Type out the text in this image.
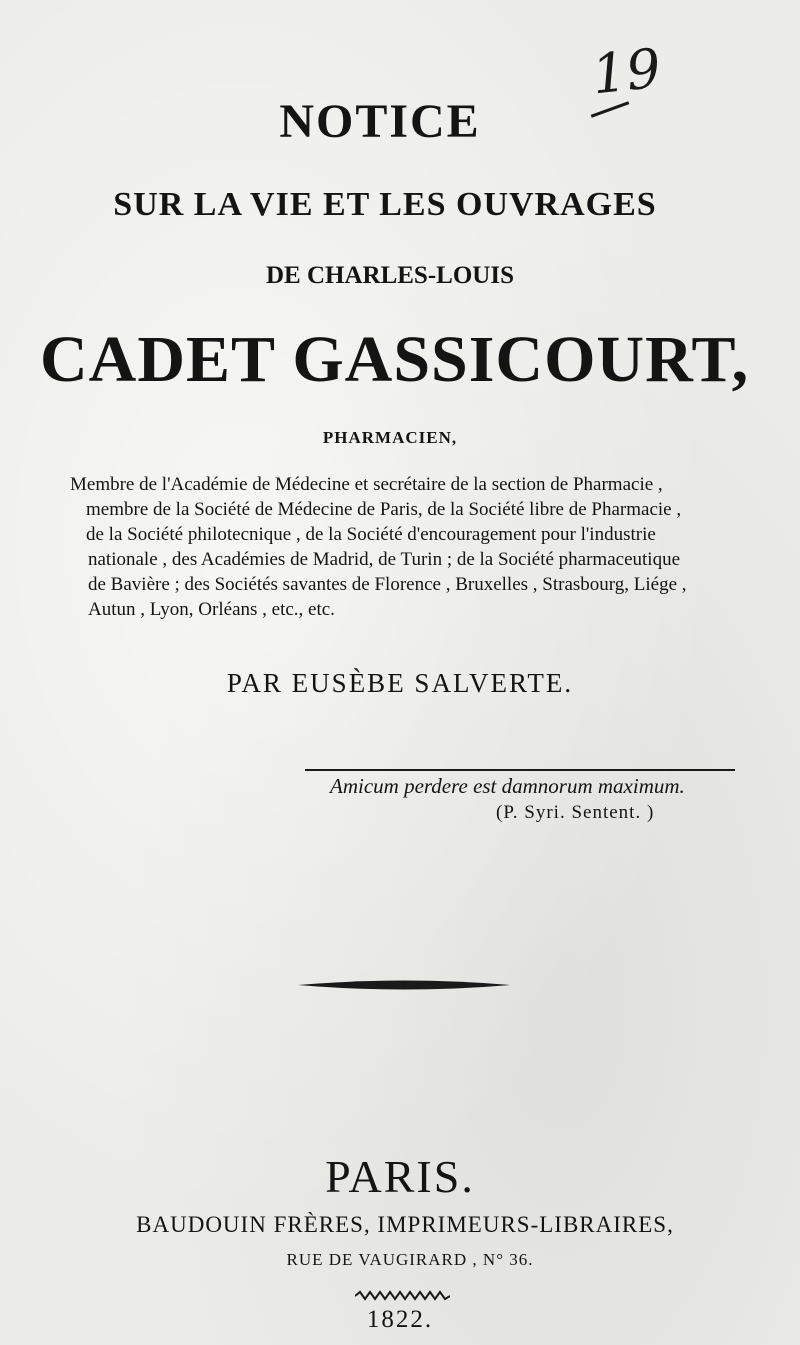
19
NOTICE
SUR LA VIE ET LES OUVRAGES
DE CHARLES-LOUIS
CADET GASSICOURT,
PHARMACIEN,
Membre de l'Académie de Médecine et secrétaire de la section de Pharmacie ,
membre de la Société de Médecine de Paris, de la Société libre de Pharmacie ,
de la Société philotecnique , de la Société d'encouragement pour l'industrie
nationale , des Académies de Madrid, de Turin ; de la Société pharmaceutique
de Bavière ; des Sociétés savantes de Florence , Bruxelles , Strasbourg, Liége ,
Autun , Lyon, Orléans , etc., etc.
PAR EUSÈBE SALVERTE.
Amicum perdere est damnorum maximum.
(P. Syri. Sentent. )
PARIS.
BAUDOUIN FRÈRES, IMPRIMEURS-LIBRAIRES,
RUE DE VAUGIRARD , N° 36.
1822.
